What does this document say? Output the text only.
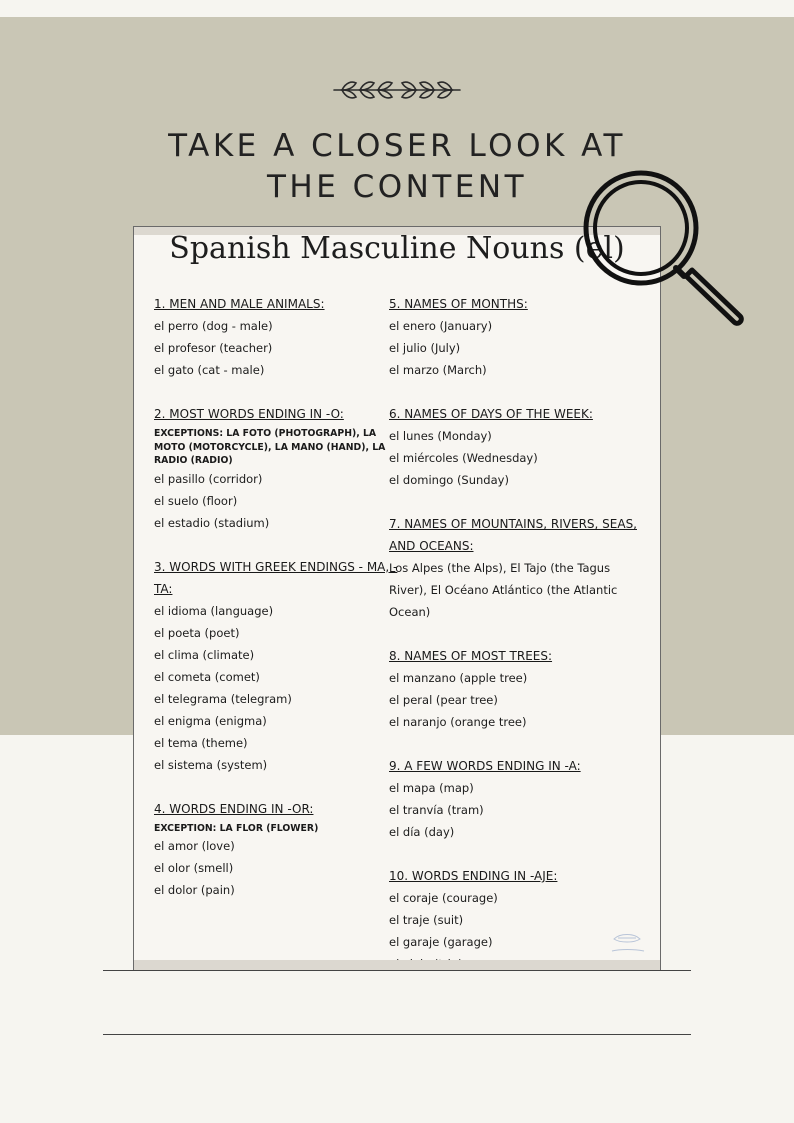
TAKE A CLOSER LOOK AT
THE CONTENT
Spanish Masculine Nouns (el)
1. MEN AND MALE ANIMALS:
el perro (dog - male)
el profesor (teacher)
el gato (cat - male)
2. MOST WORDS ENDING IN -O:
EXCEPTIONS: LA FOTO (PHOTOGRAPH), LA MOTO (MOTORCYCLE), LA MANO (HAND), LA RADIO (RADIO)
el pasillo (corridor)
el suelo (floor)
el estadio (stadium)
3. WORDS WITH GREEK ENDINGS - MA, -TA:
el idioma (language)
el poeta (poet)
el clima (climate)
el cometa (comet)
el telegrama (telegram)
el enigma (enigma)
el tema (theme)
el sistema (system)
4. WORDS ENDING IN -OR:
EXCEPTION: LA FLOR (FLOWER)
el amor (love)
el olor (smell)
el dolor (pain)
5. NAMES OF MONTHS:
el enero (January)
el julio (July)
el marzo (March)
6. NAMES OF DAYS OF THE WEEK:
el lunes (Monday)
el miércoles (Wednesday)
el domingo (Sunday)
7. NAMES OF MOUNTAINS, RIVERS, SEAS, AND OCEANS:
Los Alpes (the Alps), El Tajo (the Tagus River), El Océano Atlántico (the Atlantic Ocean)
8. NAMES OF MOST TREES:
el manzano (apple tree)
el peral (pear tree)
el naranjo (orange tree)
9. A FEW WORDS ENDING IN -A:
el mapa (map)
el tranvía (tram)
el día (day)
10. WORDS ENDING IN -AJE:
el coraje (courage)
el traje (suit)
el garaje (garage)
